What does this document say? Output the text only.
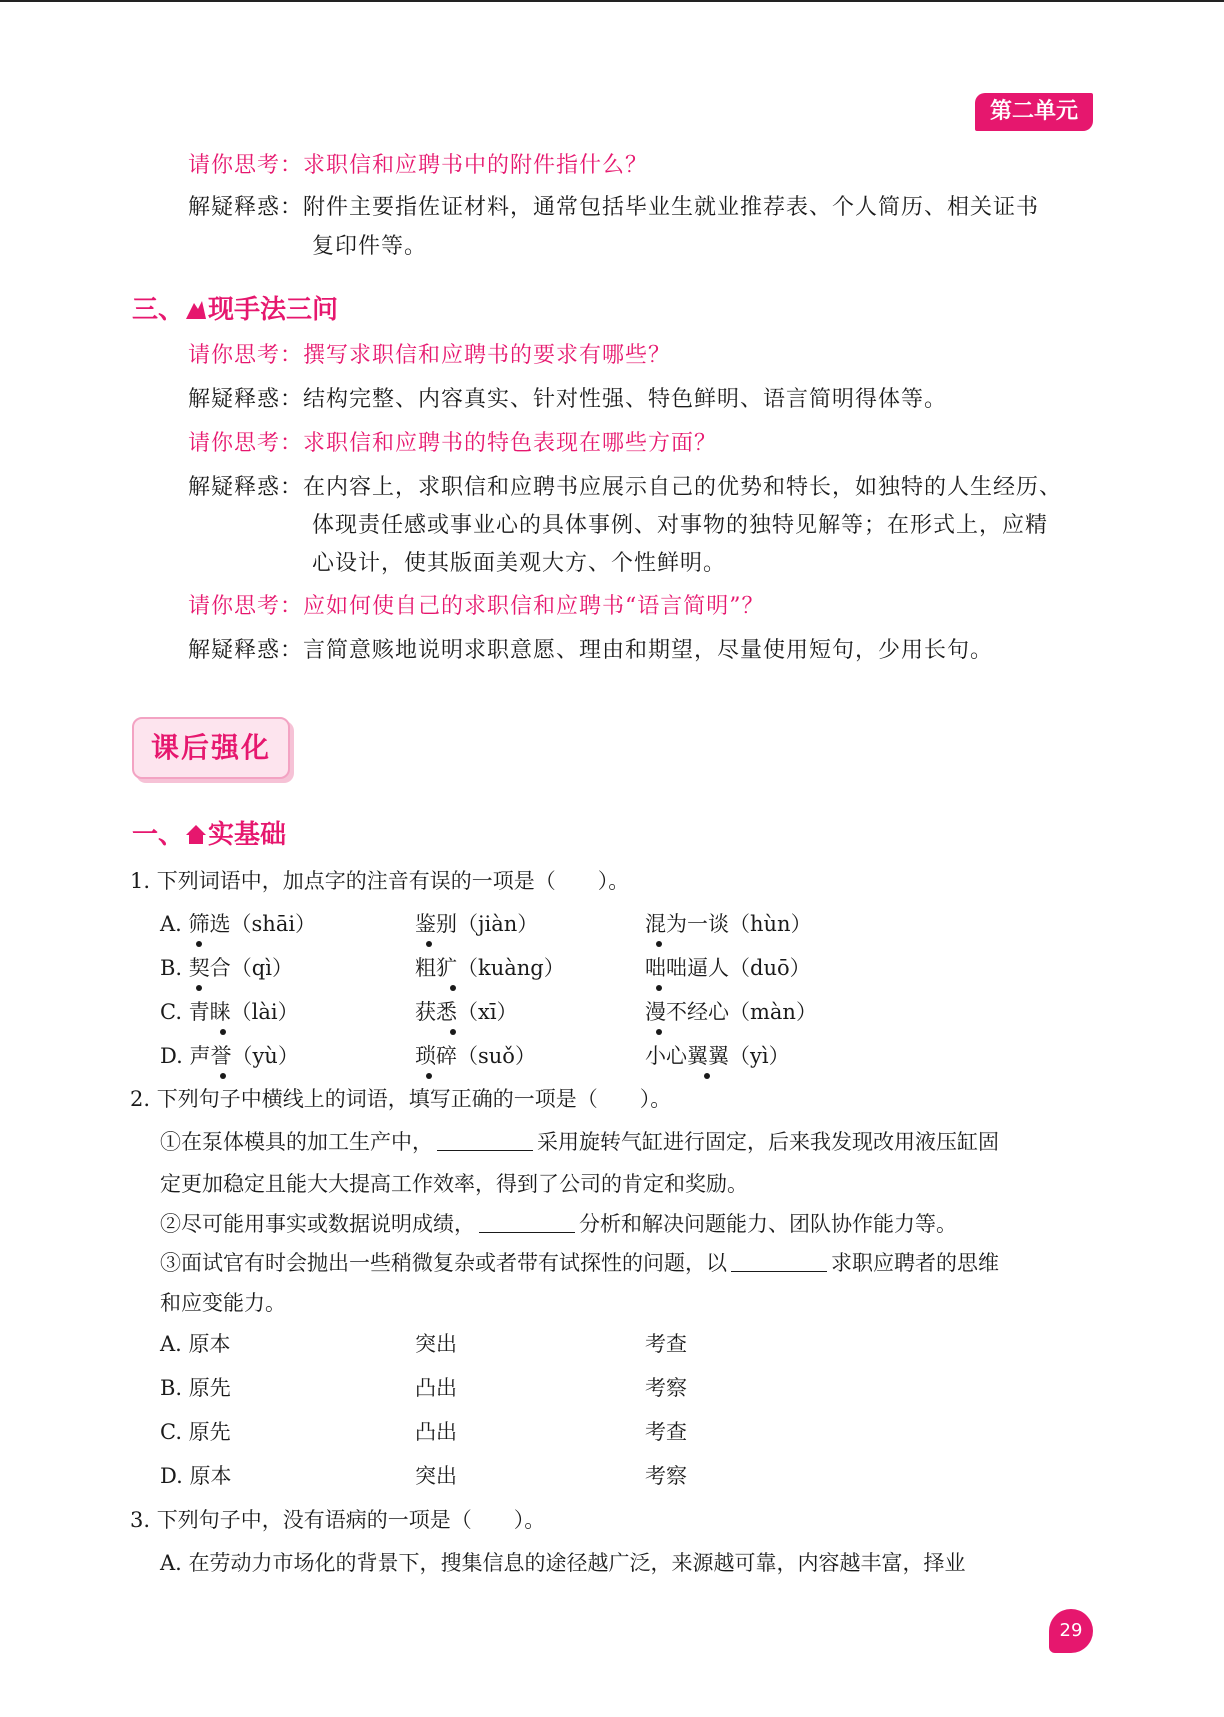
第二单元
请你思考：求职信和应聘书中的附件指什么？
解疑释惑：附件主要指佐证材料，通常包括毕业生就业推荐表、个人简历、相关证书
复印件等。
三、 现手法三问
请你思考：撰写求职信和应聘书的要求有哪些？
解疑释惑：结构完整、内容真实、针对性强、特色鲜明、语言简明得体等。
请你思考：求职信和应聘书的特色表现在哪些方面？
解疑释惑：在内容上，求职信和应聘书应展示自己的优势和特长，如独特的人生经历、
体现责任感或事业心的具体事例、对事物的独特见解等；在形式上，应精
心设计，使其版面美观大方、个性鲜明。
请你思考：应如何使自己的求职信和应聘书“语言简明”？
解疑释惑：言简意赅地说明求职意愿、理由和期望，尽量使用短句，少用长句。
课后强化
一、 实基础
1. 下列词语中，加点字的注音有误的一项是（　　）。
A. 筛选（shāi）	鉴别（jiàn）	混为一谈（hùn）
B. 契合（qì）	粗犷（kuàng）	咄咄逼人（duō）
C. 青睐（lài）	获悉（xī）	漫不经心（màn）
D. 声誉（yù）	琐碎（suǒ）	小心翼翼（yì）
2. 下列句子中横线上的词语，填写正确的一项是（　　）。
①在泵体模具的加工生产中，	采用旋转气缸进行固定，后来我发现改用液压缸固
定更加稳定且能大大提高工作效率，得到了公司的肯定和奖励。
②尽可能用事实或数据说明成绩，	分析和解决问题能力、团队协作能力等。
③面试官有时会抛出一些稍微复杂或者带有试探性的问题，以	求职应聘者的思维
和应变能力。
A. 原本	突出	考查
B. 原先	凸出	考察
C. 原先	凸出	考查
D. 原本	突出	考察
3. 下列句子中，没有语病的一项是（　　）。
A. 在劳动力市场化的背景下，搜集信息的途径越广泛，来源越可靠，内容越丰富，择业
29
